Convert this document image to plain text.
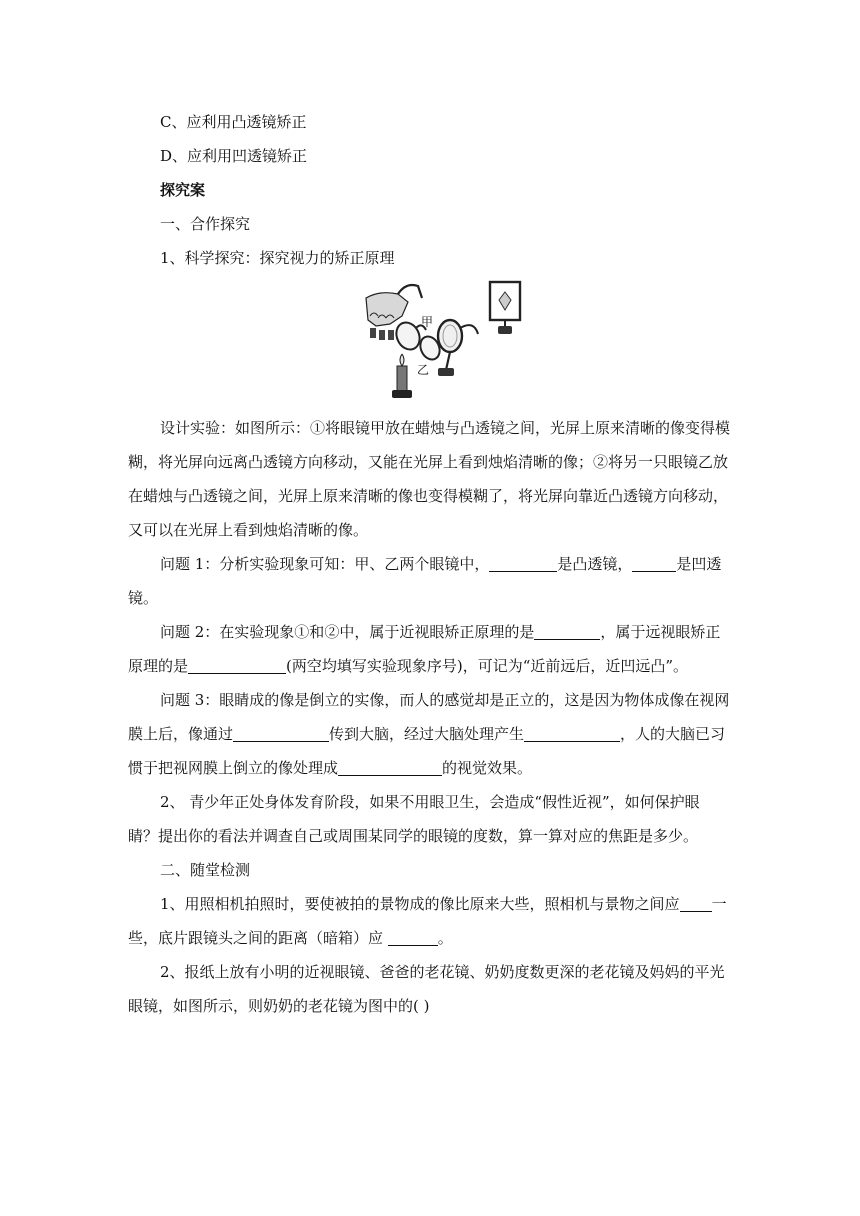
C、应利用凸透镜矫正
D、应利用凹透镜矫正
探究案
一、合作探究
1、科学探究：探究视力的矫正原理
甲
乙
设计实验：如图所示：①将眼镜甲放在蜡烛与凸透镜之间，光屏上原来清晰的像变得模
糊，将光屏向远离凸透镜方向移动，又能在光屏上看到烛焰清晰的像；②将另一只眼镜乙放
在蜡烛与凸透镜之间，光屏上原来清晰的像也变得模糊了，将光屏向靠近凸透镜方向移动，
又可以在光屏上看到烛焰清晰的像。
问题 1：分析实验现象可知：甲、乙两个眼镜中，	是凸透镜，	是凹透
镜。
问题 2：在实验现象①和②中，属于近视眼矫正原理的是	，属于远视眼矫正
原理的是	(两空均填写实验现象序号)，可记为“近前远后，近凹远凸”。
问题 3：眼睛成的像是倒立的实像，而人的感觉却是正立的，这是因为物体成像在视网
膜上后，像通过	传到大脑，经过大脑处理产生	，人的大脑已习
惯于把视网膜上倒立的像处理成	的视觉效果。
2、 青少年正处身体发育阶段，如果不用眼卫生，会造成“假性近视”，如何保护眼
睛？提出你的看法并调查自己或周围某同学的眼镜的度数，算一算对应的焦距是多少。
二、随堂检测
1、用照相机拍照时，要使被拍的景物成的像比原来大些，照相机与景物之间应 一
些，底片跟镜头之间的距离（暗箱）应	。
2、报纸上放有小明的近视眼镜、爸爸的老花镜、奶奶度数更深的老花镜及妈妈的平光
眼镜，如图所示，则奶奶的老花镜为图中的( )
